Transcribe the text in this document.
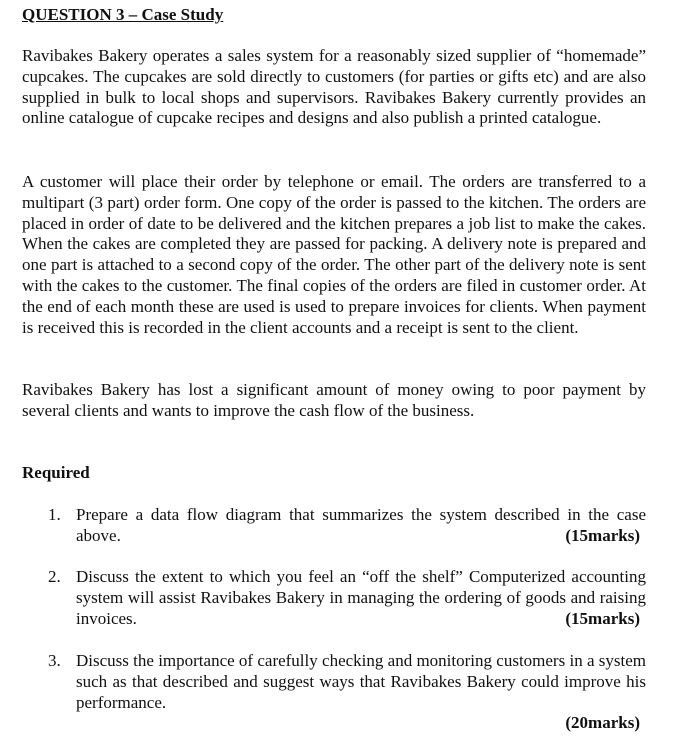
QUESTION 3 – Case Study

Ravibakes Bakery operates a sales system for a reasonably sized supplier of “homemade” cupcakes. The cupcakes are sold directly to customers (for parties or gifts etc) and are also supplied in bulk to local shops and supervisors. Ravibakes Bakery currently provides an online catalogue of cupcake recipes and designs and also publish a printed catalogue.

A customer will place their order by telephone or email. The orders are transferred to a multipart (3 part) order form. One copy of the order is passed to the kitchen. The orders are placed in order of date to be delivered and the kitchen prepares a job list to make the cakes. When the cakes are completed they are passed for packing. A delivery note is prepared and one part is attached to a second copy of the order. The other part of the delivery note is sent with the cakes to the customer. The final copies of the orders are filed in customer order. At the end of each month these are used is used to prepare invoices for clients. When payment is received this is recorded in the client accounts and a receipt is sent to the client.

Ravibakes Bakery has lost a significant amount of money owing to poor payment by several clients and wants to improve the cash flow of the business.

Required
1. Prepare a data flow diagram that summarizes the system described in the case above.	(15marks)
2. Discuss the extent to which you feel an “off the shelf” Computerized accounting system will assist Ravibakes Bakery in managing the ordering of goods and raising invoices.	(15marks)
3. Discuss the importance of carefully checking and monitoring customers in a system such as that described and suggest ways that Ravibakes Bakery could improve his performance.
(20marks)
